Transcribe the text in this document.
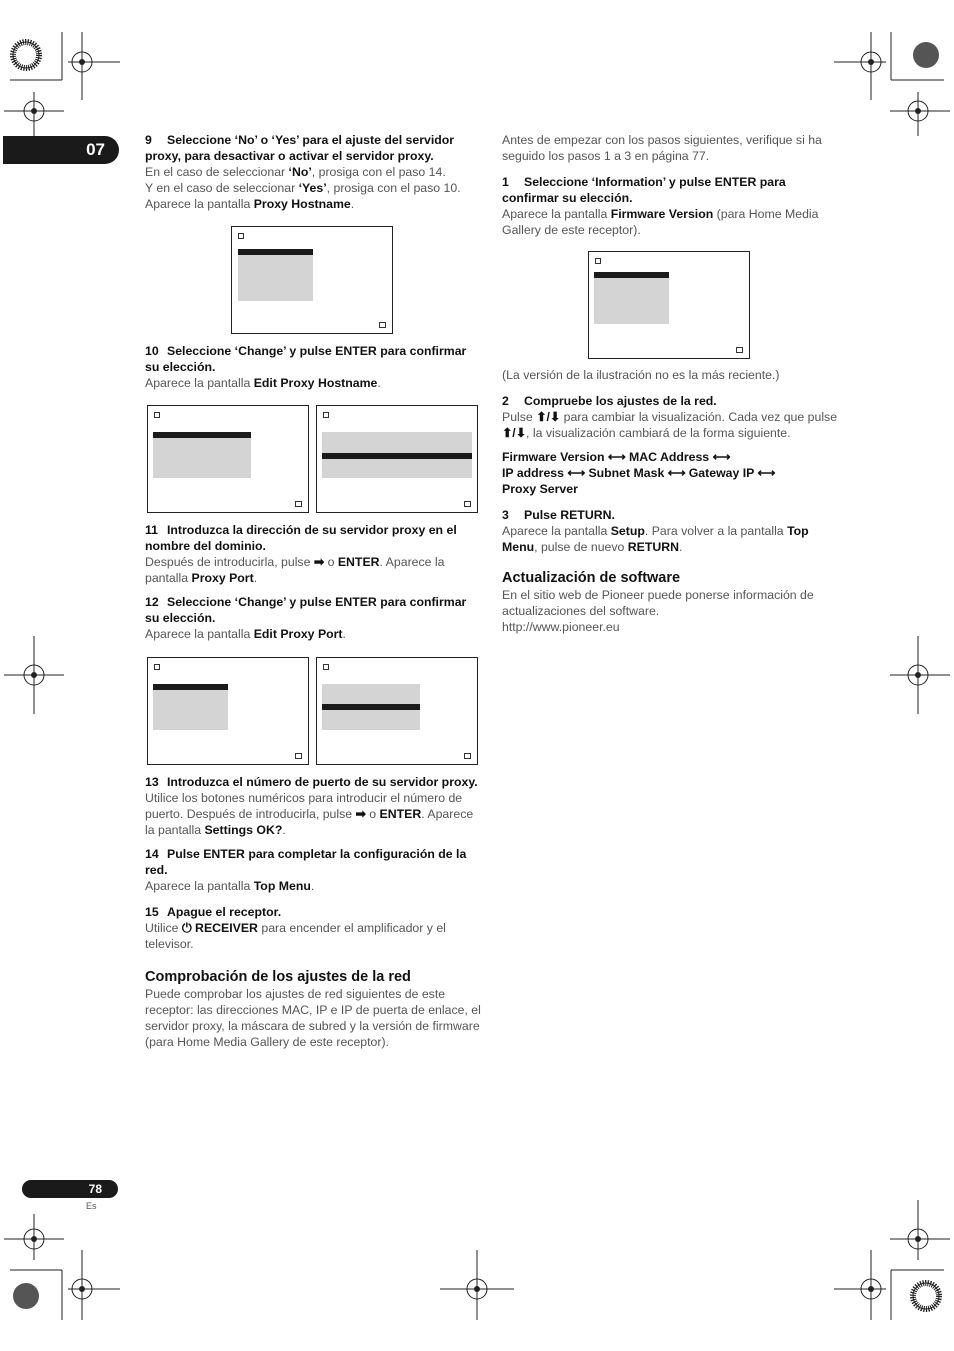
07
78
Es

9 Seleccione ‘No’ o ‘Yes’ para el ajuste del servidor proxy, para desactivar o activar el servidor proxy.

En el caso de seleccionar ‘No’, prosiga con el paso 14.

Y en el caso de seleccionar ‘Yes’, prosiga con el paso 10.

Aparece la pantalla Proxy Hostname.

10 Seleccione ‘Change’ y pulse ENTER para confirmar su elección.

Aparece la pantalla Edit Proxy Hostname.

11 Introduzca la dirección de su servidor proxy en el nombre del dominio.

Después de introducirla, pulse ➡ o ENTER. Aparece la pantalla Proxy Port.

12 Seleccione ‘Change’ y pulse ENTER para confirmar su elección.

Aparece la pantalla Edit Proxy Port.

13 Introduzca el número de puerto de su servidor proxy.

Utilice los botones numéricos para introducir el número de puerto. Después de introducirla, pulse ➡ o ENTER. Aparece la pantalla Settings OK?.

14 Pulse ENTER para completar la configuración de la red.

Aparece la pantalla Top Menu.

15 Apague el receptor.

Utilice ⏻ RECEIVER para encender el amplificador y el televisor.

Comprobación de los ajustes de la red

Puede comprobar los ajustes de red siguientes de este receptor: las direcciones MAC, IP e IP de puerta de enlace, el servidor proxy, la máscara de subred y la versión de firmware (para Home Media Gallery de este receptor).

Antes de empezar con los pasos siguientes, verifique si ha seguido los pasos 1 a 3 en página 77.

1 Seleccione ‘Information’ y pulse ENTER para confirmar su elección.

Aparece la pantalla Firmware Version (para Home Media Gallery de este receptor).

(La versión de la ilustración no es la más reciente.)

2 Compruebe los ajustes de la red.

Pulse ⬆/⬇ para cambiar la visualización. Cada vez que pulse ⬆/⬇, la visualización cambiará de la forma siguiente.

Firmware Version ⟷ MAC Address ⟷
IP address ⟷ Subnet Mask ⟷ Gateway IP ⟷
Proxy Server

3 Pulse RETURN.

Aparece la pantalla Setup. Para volver a la pantalla Top Menu, pulse de nuevo RETURN.

Actualización de software

En el sitio web de Pioneer puede ponerse información de actualizaciones del software.

http://www.pioneer.eu
